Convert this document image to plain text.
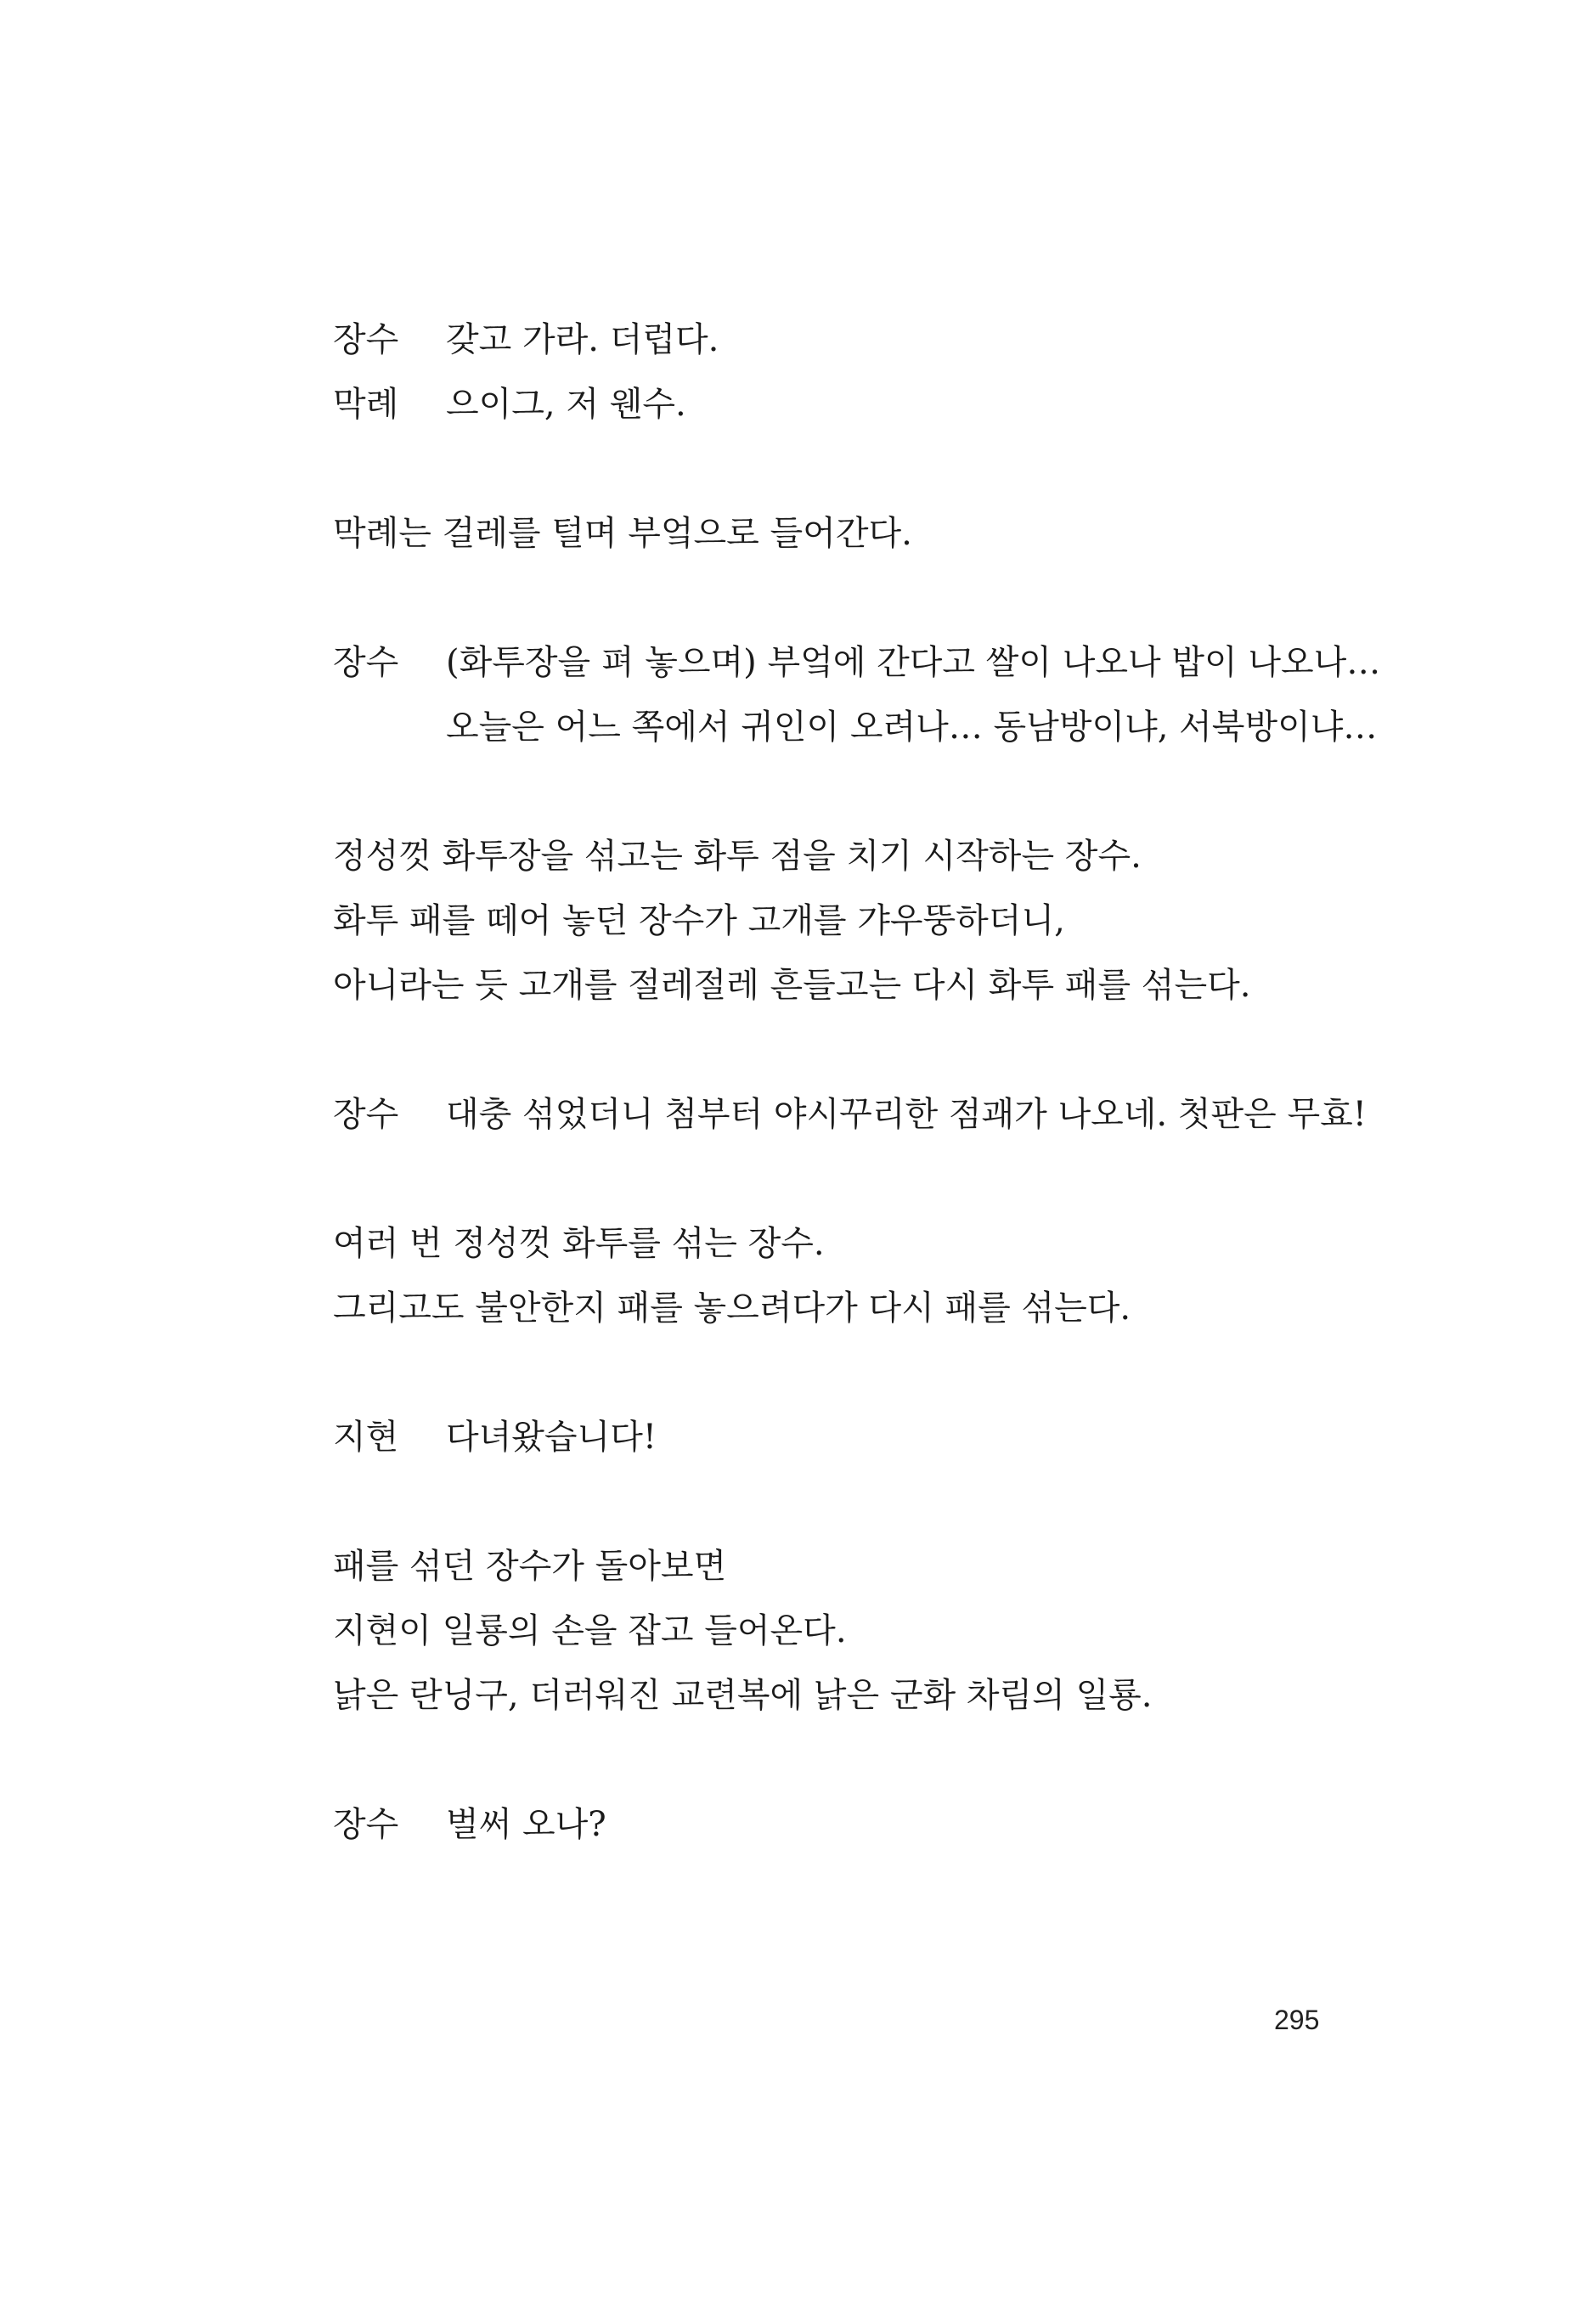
장수 갖고 가라. 더럽다.
막례 으이그, 저 웬수.
막례는 걸레를 털며 부엌으로 들어간다.
장수 (화투장을 펴 놓으며) 부엌에 간다고 쌀이 나오나 밥이 나오나…
오늘은 어느 쪽에서 귀인이 오려나… 동남방이냐, 서북방이냐…
정성껏 화투장을 섞고는 화투 점을 치기 시작하는 장수.
화투 패를 떼어 놓던 장수가 고개를 갸우뚱하더니,
아니라는 듯 고개를 절레절레 흔들고는 다시 화투 패를 섞는다.
장수 대충 섞었더니 첨부터 야시꾸리한 점괘가 나오네. 첫판은 무효!
여러 번 정성껏 화투를 섞는 장수.
그리고도 불안한지 패를 놓으려다가 다시 패를 섞는다.
지현 다녀왔습니다!
패를 섞던 장수가 돌아보면
지현이 일룡의 손을 잡고 들어온다.
낡은 란닝구, 더러워진 교련복에 낡은 군화 차림의 일룡.
장수 벌써 오나?
295
